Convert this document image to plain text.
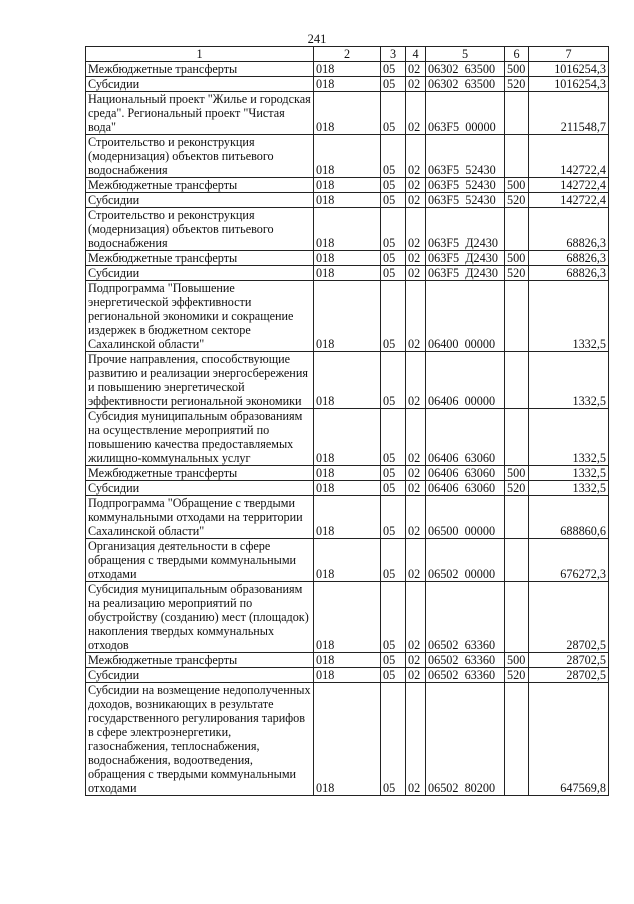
241
1	2	3	4	5	6	7
Межбюджетные трансферты	018	05	02	06302  63500	500	1016254,3
Субсидии	018	05	02	06302  63500	520	1016254,3
Национальный проект "Жилье и городская среда". Региональный проект "Чистая вода"	018	05	02	063F5  00000		211548,7
Строительство и реконструкция (модернизация) объектов питьевого водоснабжения	018	05	02	063F5  52430		142722,4
Межбюджетные трансферты	018	05	02	063F5  52430	500	142722,4
Субсидии	018	05	02	063F5  52430	520	142722,4
Строительство и реконструкция (модернизация) объектов питьевого водоснабжения	018	05	02	063F5  Д2430		68826,3
Межбюджетные трансферты	018	05	02	063F5  Д2430	500	68826,3
Субсидии	018	05	02	063F5  Д2430	520	68826,3
Подпрограмма "Повышение энергетической эффективности региональной экономики и сокращение издержек в бюджетном секторе Сахалинской области"	018	05	02	06400  00000		1332,5
Прочие направления, способствующие развитию и реализации энергосбережения и повышению энергетической эффективности региональной экономики	018	05	02	06406  00000		1332,5
Субсидия муниципальным образованиям на осуществление мероприятий по повышению качества предоставляемых жилищно-коммунальных услуг	018	05	02	06406  63060		1332,5
Межбюджетные трансферты	018	05	02	06406  63060	500	1332,5
Субсидии	018	05	02	06406  63060	520	1332,5
Подпрограмма "Обращение с твердыми коммунальными отходами на территории Сахалинской области"	018	05	02	06500  00000		688860,6
Организация деятельности в сфере обращения с твердыми коммунальными отходами	018	05	02	06502  00000		676272,3
Субсидия муниципальным образованиям на реализацию мероприятий по обустройству (созданию) мест (площадок) накопления твердых коммунальных отходов	018	05	02	06502  63360		28702,5
Межбюджетные трансферты	018	05	02	06502  63360	500	28702,5
Субсидии	018	05	02	06502  63360	520	28702,5
Субсидии на возмещение недополученных доходов, возникающих в результате государственного регулирования тарифов в сфере электроэнергетики, газоснабжения, теплоснабжения, водоснабжения, водоотведения, обращения с твердыми коммунальными отходами	018	05	02	06502  80200		647569,8
